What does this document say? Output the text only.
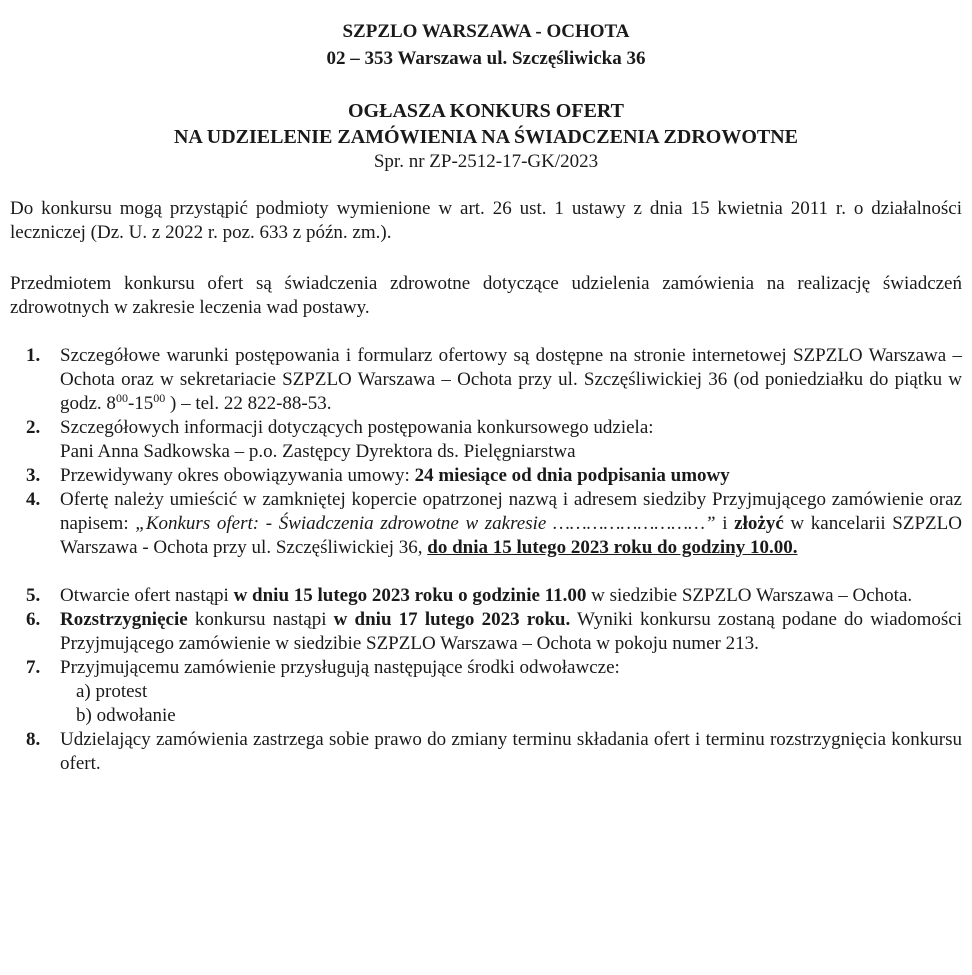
SZPZLO WARSZAWA - OCHOTA
02 – 353 Warszawa ul. Szczęśliwicka 36
OGŁASZA KONKURS OFERT
NA UDZIELENIE ZAMÓWIENIA NA ŚWIADCZENIA ZDROWOTNE
Spr. nr ZP-2512-17-GK/2023

Do konkursu mogą przystąpić podmioty wymienione w art. 26 ust. 1 ustawy z dnia 15 kwietnia 2011 r. o działalności leczniczej (Dz. U. z 2022 r. poz. 633 z późn. zm.).

Przedmiotem konkursu ofert są świadczenia zdrowotne dotyczące udzielenia zamówienia na realizację świadczeń zdrowotnych w zakresie leczenia wad postawy.

1. Szczegółowe warunki postępowania i formularz ofertowy są dostępne na stronie internetowej SZPZLO Warszawa – Ochota oraz w sekretariacie SZPZLO Warszawa – Ochota przy ul. Szczęśliwickiej 36 (od poniedziałku do piątku w godz. $8^{00}-15^{00}$ ) – tel. 22 822-88-53.
2. Szczegółowych informacji dotyczących postępowania konkursowego udziela:
Pani Anna Sadkowska – p.o. Zastępcy Dyrektora ds. Pielęgniarstwa
3. Przewidywany okres obowiązywania umowy: 24 miesiące od dnia podpisania umowy
4. Ofertę należy umieścić w zamkniętej kopercie opatrzonej nazwą i adresem siedziby Przyjmującego zamówienie oraz napisem: „Konkurs ofert: - Świadczenia zdrowotne w zakresie ………………………” i złożyć w kancelarii SZPZLO Warszawa - Ochota przy ul. Szczęśliwickiej 36, do dnia 15 lutego 2023 roku do godziny 10.00.
5. Otwarcie ofert nastąpi w dniu 15 lutego 2023 roku o godzinie 11.00 w siedzibie SZPZLO Warszawa – Ochota.
6. Rozstrzygnięcie konkursu nastąpi w dniu 17 lutego 2023 roku. Wyniki konkursu zostaną podane do wiadomości Przyjmującego zamówienie w siedzibie SZPZLO Warszawa – Ochota w pokoju numer 213.
7. Przyjmującemu zamówienie przysługują następujące środki odwoławcze:
a) protest
b) odwołanie
8. Udzielający zamówienia zastrzega sobie prawo do zmiany terminu składania ofert i terminu rozstrzygnięcia konkursu ofert.
